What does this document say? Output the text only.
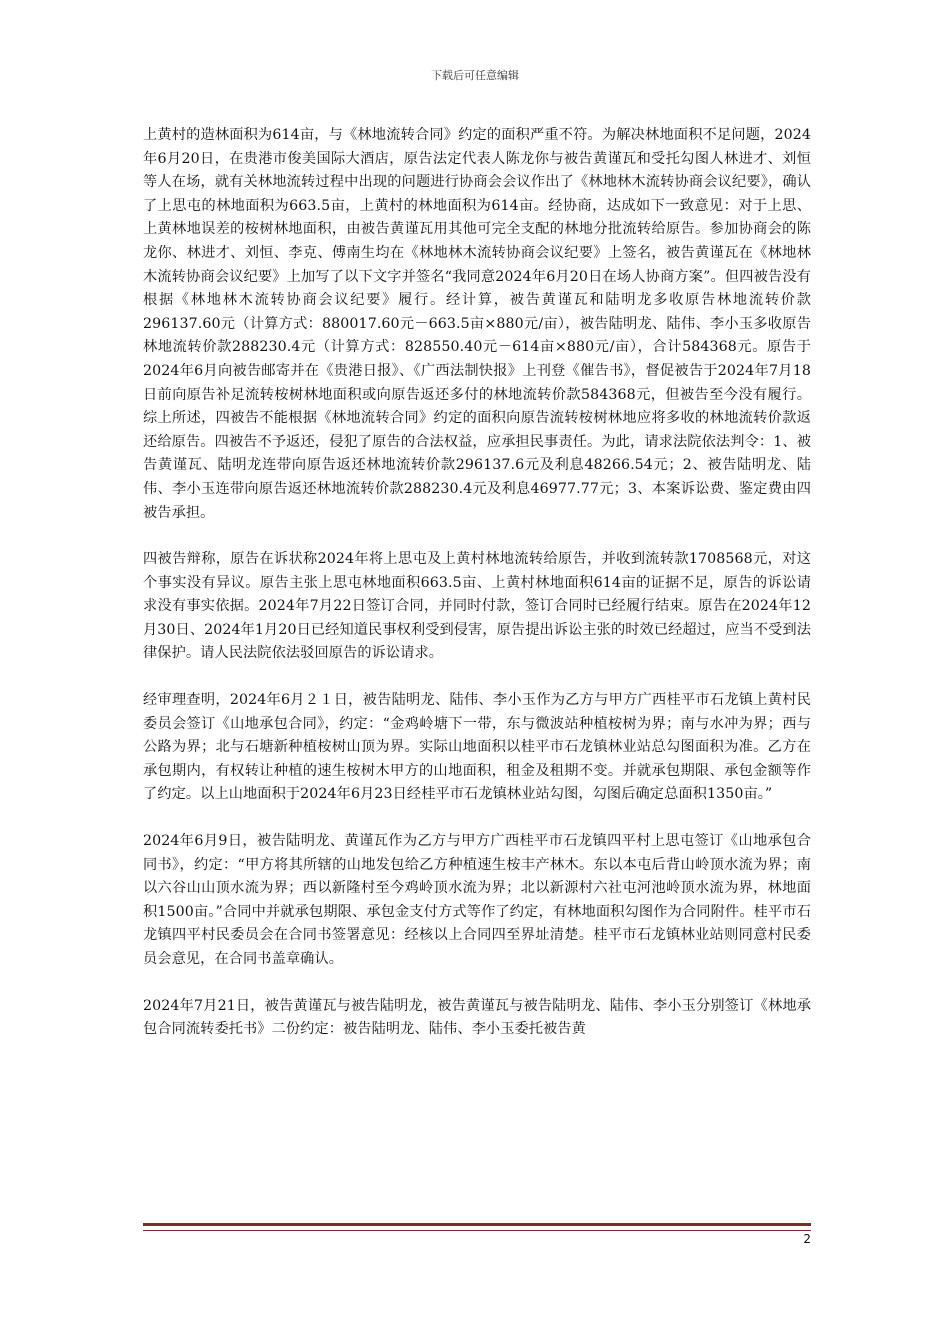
下载后可任意编辑

上黄村的造林面积为614亩，与《林地流转合同》约定的面积严重不符。为解决林地面积不足问题，2024年6月20日，在贵港市俊美国际大酒店，原告法定代表人陈龙你与被告黄谨瓦和受托勾图人林进才、刘恒等人在场，就有关林地流转过程中出现的问题进行协商会会议作出了《林地林木流转协商会议纪要》，确认了上思屯的林地面积为663.5亩，上黄村的林地面积为614亩。经协商，达成如下一致意见：对于上思、上黄林地误差的桉树林地面积，由被告黄谨瓦用其他可完全支配的林地分批流转给原告。参加协商会的陈龙你、林进才、刘恒、李克、傅南生均在《林地林木流转协商会议纪要》上签名，被告黄谨瓦在《林地林木流转协商会议纪要》上加写了以下文字并签名“我同意2024年6月20日在场人协商方案”。但四被告没有根据《林地林木流转协商会议纪要》履行。经计算，被告黄谨瓦和陆明龙多收原告林地流转价款296137.60元（计算方式：880017.60元－663.5亩×880元/亩），被告陆明龙、陆伟、李小玉多收原告林地流转价款288230.4元（计算方式：828550.40元－614亩×880元/亩），合计584368元。原告于2024年6月向被告邮寄并在《贵港日报》、《广西法制快报》上刊登《催告书》，督促被告于2024年7月18日前向原告补足流转桉树林地面积或向原告返还多付的林地流转价款584368元，但被告至今没有履行。综上所述，四被告不能根据《林地流转合同》约定的面积向原告流转桉树林地应将多收的林地流转价款返还给原告。四被告不予返还，侵犯了原告的合法权益，应承担民事责任。为此，请求法院依法判令：1、被告黄谨瓦、陆明龙连带向原告返还林地流转价款296137.6元及利息48266.54元；2、被告陆明龙、陆伟、李小玉连带向原告返还林地流转价款288230.4元及利息46977.77元；3、本案诉讼费、鉴定费由四被告承担。

四被告辩称，原告在诉状称2024年将上思屯及上黄村林地流转给原告，并收到流转款1708568元，对这个事实没有异议。原告主张上思屯林地面积663.5亩、上黄村林地面积614亩的证据不足，原告的诉讼请求没有事实依据。2024年7月22日签订合同，并同时付款，签订合同时已经履行结束。原告在2024年12月30日、2024年1月20日已经知道民事权利受到侵害，原告提出诉讼主张的时效已经超过，应当不受到法律保护。请人民法院依法驳回原告的诉讼请求。

经审理查明，2024年6月２１日，被告陆明龙、陆伟、李小玉作为乙方与甲方广西桂平市石龙镇上黄村民委员会签订《山地承包合同》，约定：“金鸡岭塘下一带，东与微波站种植桉树为界；南与水冲为界；西与公路为界；北与石塘新种植桉树山顶为界。实际山地面积以桂平市石龙镇林业站总勾图面积为准。乙方在承包期内，有权转让种植的速生桉树木甲方的山地面积，租金及租期不变。并就承包期限、承包金额等作了约定。以上山地面积于2024年6月23日经桂平市石龙镇林业站勾图，勾图后确定总面积1350亩。”

2024年6月9日，被告陆明龙、黄谨瓦作为乙方与甲方广西桂平市石龙镇四平村上思屯签订《山地承包合同书》，约定：“甲方将其所辖的山地发包给乙方种植速生桉丰产林木。东以本屯后背山岭顶水流为界；南以六谷山山顶水流为界；西以新隆村至今鸡岭顶水流为界；北以新源村六社屯河池岭顶水流为界，林地面积1500亩。”合同中并就承包期限、承包金支付方式等作了约定，有林地面积勾图作为合同附件。桂平市石龙镇四平村民委员会在合同书签署意见：经核以上合同四至界址清楚。桂平市石龙镇林业站则同意村民委员会意见，在合同书盖章确认。

2024年7月21日，被告黄谨瓦与被告陆明龙，被告黄谨瓦与被告陆明龙、陆伟、李小玉分别签订《林地承包合同流转委托书》二份约定：被告陆明龙、陆伟、李小玉委托被告黄

2
